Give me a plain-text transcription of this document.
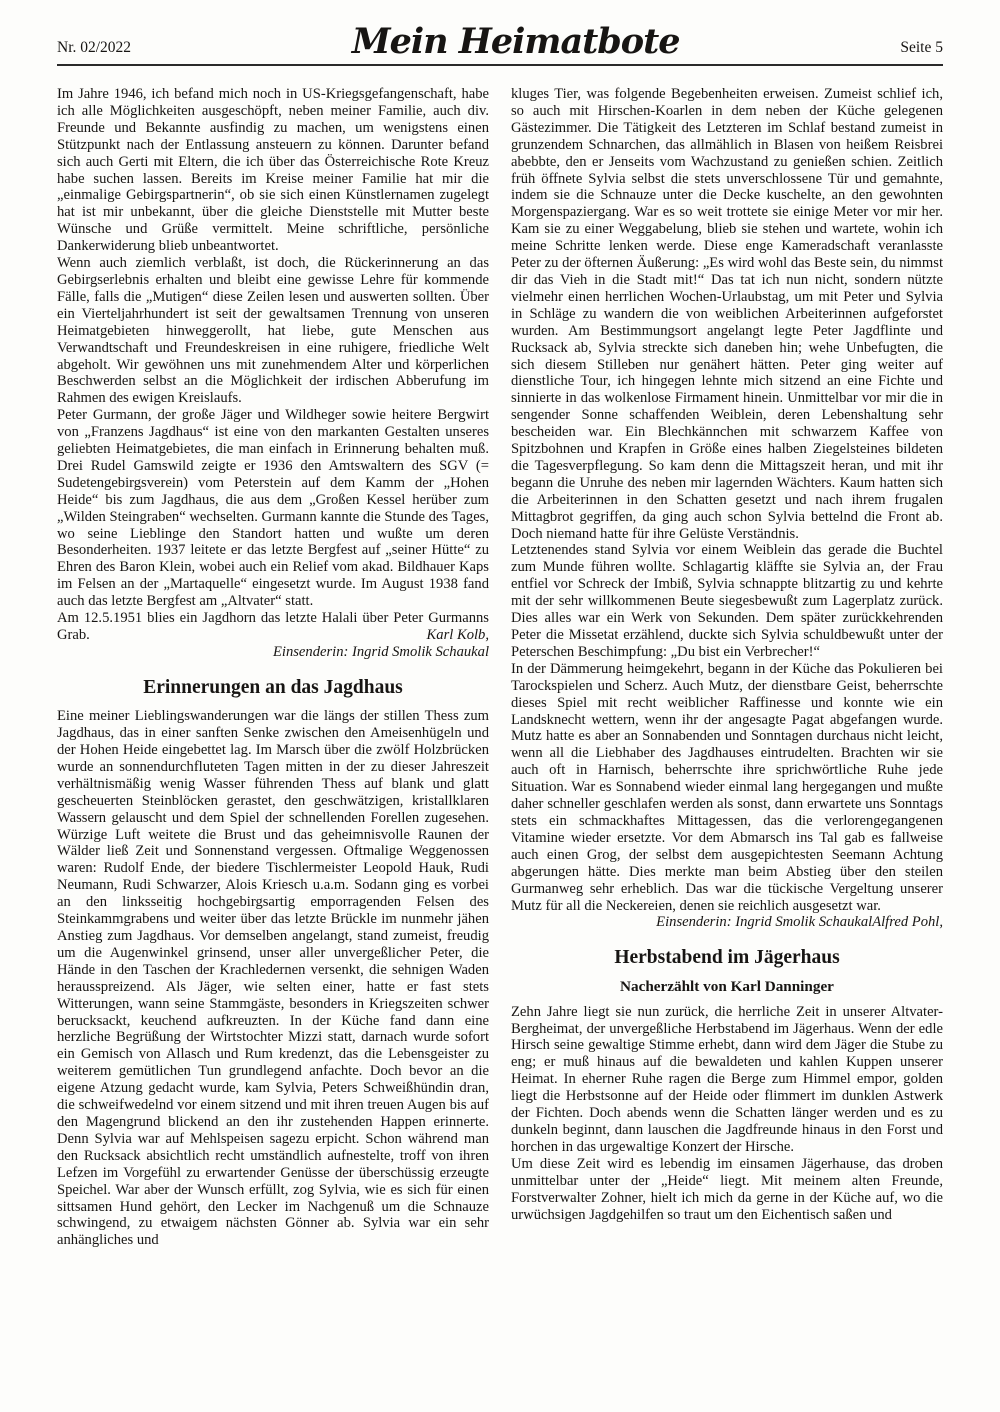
Nr. 02/2022	Mein Heimatbote	Seite 5

Im Jahre 1946, ich befand mich noch in US-Kriegsgefangenschaft, habe ich alle Möglichkeiten ausgeschöpft, neben meiner Familie, auch div. Freunde und Bekannte ausfindig zu machen, um wenigstens einen Stützpunkt nach der Entlassung ansteuern zu können. Darunter befand sich auch Gerti mit Eltern, die ich über das Österreichische Rote Kreuz habe suchen lassen. Bereits im Kreise meiner Familie hat mir die „einmalige Gebirgspartnerin“, ob sie sich einen Künstlernamen zugelegt hat ist mir unbekannt, über die gleiche Dienststelle mit Mutter beste Wünsche und Grüße vermittelt. Meine schriftliche, persönliche Dankerwiderung blieb unbeantwortet.

Wenn auch ziemlich verblaßt, ist doch, die Rückerinnerung an das Gebirgserlebnis erhalten und bleibt eine gewisse Lehre für kommende Fälle, falls die „Mutigen“ diese Zeilen lesen und auswerten sollten. Über ein Vierteljahrhundert ist seit der gewaltsamen Trennung von unseren Heimatgebieten hinweggerollt, hat liebe, gute Menschen aus Verwandtschaft und Freundeskreisen in eine ruhigere, friedliche Welt abgeholt. Wir gewöhnen uns mit zunehmendem Alter und körperlichen Beschwerden selbst an die Möglichkeit der irdischen Abberufung im Rahmen des ewigen Kreislaufs.

Peter Gurmann, der große Jäger und Wildheger sowie heitere Bergwirt von „Franzens Jagdhaus“ ist eine von den markanten Gestalten unseres geliebten Heimatgebietes, die man einfach in Erinnerung behalten muß. Drei Rudel Gamswild zeigte er 1936 den Amtswaltern des SGV (= Sudetengebirgsverein) vom Peterstein auf dem Kamm der „Hohen Heide“ bis zum Jagdhaus, die aus dem „Großen Kessel herüber zum „Wilden Steingraben“ wechselten. Gurmann kannte die Stunde des Tages, wo seine Lieblinge den Standort hatten und wußte um deren Besonderheiten. 1937 leitete er das letzte Bergfest auf „seiner Hütte“ zu Ehren des Baron Klein, wobei auch ein Relief vom akad. Bildhauer Kaps im Felsen an der „Martaquelle“ eingesetzt wurde. Im August 1938 fand auch das letzte Bergfest am „Altvater“ statt.

Am 12.5.1951 blies ein Jagdhorn das letzte Halali über Peter Gurmanns Grab.	Karl Kolb,

Einsenderin: Ingrid Smolik Schaukal
Erinnerungen an das Jagdhaus

Eine meiner Lieblingswanderungen war die längs der stillen Thess zum Jagdhaus, das in einer sanften Senke zwischen den Ameisenhügeln und der Hohen Heide eingebettet lag. Im Marsch über die zwölf Holzbrücken wurde an sonnendurchfluteten Tagen mitten in der zu dieser Jahreszeit verhältnismäßig wenig Wasser führenden Thess auf blank und glatt gescheuerten Steinblöcken gerastet, den geschwätzigen, kristallklaren Wassern gelauscht und dem Spiel der schnellenden Forellen zugesehen. Würzige Luft weitete die Brust und das geheimnisvolle Raunen der Wälder ließ Zeit und Sonnenstand vergessen. Oftmalige Weggenossen waren: Rudolf Ende, der biedere Tischlermeister Leopold Hauk, Rudi Neumann, Rudi Schwarzer, Alois Kriesch u.a.m. Sodann ging es vorbei an den linksseitig hochgebirgsartig emporragenden Felsen des Steinkammgrabens und weiter über das letzte Brückle im nunmehr jähen Anstieg zum Jagdhaus. Vor demselben angelangt, stand zumeist, freudig um die Augenwinkel grinsend, unser aller unvergeßlicher Peter, die Hände in den Taschen der Krachledernen versenkt, die sehnigen Waden herausspreizend. Als Jäger, wie selten einer, hatte er fast stets Witterungen, wann seine Stammgäste, besonders in Kriegszeiten schwer berucksackt, keuchend aufkreuzten. In der Küche fand dann eine herzliche Begrüßung der Wirtstochter Mizzi statt, darnach wurde sofort ein Gemisch von Allasch und Rum kredenzt, das die Lebensgeister zu weiterem gemütlichen Tun grundlegend anfachte. Doch bevor an die eigene Atzung gedacht wurde, kam Sylvia, Peters Schweißhündin dran, die schweifwedelnd vor einem sitzend und mit ihren treuen Augen bis auf den Magengrund blickend an den ihr zustehenden Happen erinnerte. Denn Sylvia war auf Mehlspeisen sagezu erpicht. Schon während man den Rucksack absichtlich recht umständlich aufnestelte, troff von ihren Lefzen im Vorgefühl zu erwartender Genüsse der überschüssig erzeugte Speichel. War aber der Wunsch erfüllt, zog Sylvia, wie es sich für einen sittsamen Hund gehört, den Lecker im Nachgenuß um die Schnauze schwingend, zu etwaigem nächsten Gönner ab. Sylvia war ein sehr anhängliches und

kluges Tier, was folgende Begebenheiten erweisen. Zumeist schlief ich, so auch mit Hirschen-Koarlen in dem neben der Küche gelegenen Gästezimmer. Die Tätigkeit des Letzteren im Schlaf bestand zumeist in grunzendem Schnarchen, das allmählich in Blasen von heißem Reisbrei abebbte, den er Jenseits vom Wachzustand zu genießen schien. Zeitlich früh öffnete Sylvia selbst die stets unverschlossene Tür und gemahnte, indem sie die Schnauze unter die Decke kuschelte, an den gewohnten Morgenspaziergang. War es so weit trottete sie einige Meter vor mir her. Kam sie zu einer Weggabelung, blieb sie stehen und wartete, wohin ich meine Schritte lenken werde. Diese enge Kameradschaft veranlasste Peter zu der öfternen Äußerung: „Es wird wohl das Beste sein, du nimmst dir das Vieh in die Stadt mit!“ Das tat ich nun nicht, sondern nützte vielmehr einen herrlichen Wochen-Urlaubstag, um mit Peter und Sylvia in Schläge zu wandern die von weiblichen Arbeiterinnen aufgeforstet wurden. Am Bestimmungsort angelangt legte Peter Jagdflinte und Rucksack ab, Sylvia streckte sich daneben hin; wehe Unbefugten, die sich diesem Stilleben nur genähert hätten. Peter ging weiter auf dienstliche Tour, ich hingegen lehnte mich sitzend an eine Fichte und sinnierte in das wolkenlose Firmament hinein. Unmittelbar vor mir die in sengender Sonne schaffenden Weiblein, deren Lebenshaltung sehr bescheiden war. Ein Blechkännchen mit schwarzem Kaffee von Spitzbohnen und Krapfen in Größe eines halben Ziegelsteines bildeten die Tagesverpflegung. So kam denn die Mittagszeit heran, und mit ihr begann die Unruhe des neben mir lagernden Wächters. Kaum hatten sich die Arbeiterinnen in den Schatten gesetzt und nach ihrem frugalen Mittagbrot gegriffen, da ging auch schon Sylvia bettelnd die Front ab. Doch niemand hatte für ihre Gelüste Verständnis.

Letztenendes stand Sylvia vor einem Weiblein das gerade die Buchtel zum Munde führen wollte. Schlagartig kläffte sie Sylvia an, der Frau entfiel vor Schreck der Imbiß, Sylvia schnappte blitzartig zu und kehrte mit der sehr willkommenen Beute siegesbewußt zum Lagerplatz zurück. Dies alles war ein Werk von Sekunden. Dem später zurückkehrenden Peter die Missetat erzählend, duckte sich Sylvia schuldbewußt unter der Peterschen Beschimpfung: „Du bist ein Verbrecher!“

In der Dämmerung heimgekehrt, begann in der Küche das Pokulieren bei Tarockspielen und Scherz. Auch Mutz, der dienstbare Geist, beherrschte dieses Spiel mit recht weiblicher Raffinesse und konnte wie ein Landsknecht wettern, wenn ihr der angesagte Pagat abgefangen wurde. Mutz hatte es aber an Sonnabenden und Sonntagen durchaus nicht leicht, wenn all die Liebhaber des Jagdhauses eintrudelten. Brachten wir sie auch oft in Harnisch, beherrschte ihre sprichwörtliche Ruhe jede Situation. War es Sonnabend wieder einmal lang hergegangen und mußte daher schneller geschlafen werden als sonst, dann erwartete uns Sonntags stets ein schmackhaftes Mittagessen, das die verlorengegangenen Vitamine wieder ersetzte. Vor dem Abmarsch ins Tal gab es fallweise auch einen Grog, der selbst dem ausgepichtesten Seemann Achtung abgerungen hätte. Dies merkte man beim Abstieg über den steilen Gurmanweg sehr erheblich. Das war die tückische Vergeltung unserer Mutz für all die Neckereien, denen sie reichlich ausgesetzt war.
Alfred Pohl,

Einsenderin: Ingrid Smolik Schaukal
Herbstabend im Jägerhaus
Nacherzählt von Karl Danninger

Zehn Jahre liegt sie nun zurück, die herrliche Zeit in unserer Altvater-Bergheimat, der unvergeßliche Herbstabend im Jägerhaus. Wenn der edle Hirsch seine gewaltige Stimme erhebt, dann wird dem Jäger die Stube zu eng; er muß hinaus auf die bewaldeten und kahlen Kuppen unserer Heimat. In eherner Ruhe ragen die Berge zum Himmel empor, golden liegt die Herbstsonne auf der Heide oder flimmert im dunklen Astwerk der Fichten. Doch abends wenn die Schatten länger werden und es zu dunkeln beginnt, dann lauschen die Jagdfreunde hinaus in den Forst und horchen in das urgewaltige Konzert der Hirsche.

Um diese Zeit wird es lebendig im einsamen Jägerhause, das droben unmittelbar unter der „Heide“ liegt. Mit meinem alten Freunde, Forstverwalter Zohner, hielt ich mich da gerne in der Küche auf, wo die urwüchsigen Jagdgehilfen so traut um den Eichentisch saßen und
